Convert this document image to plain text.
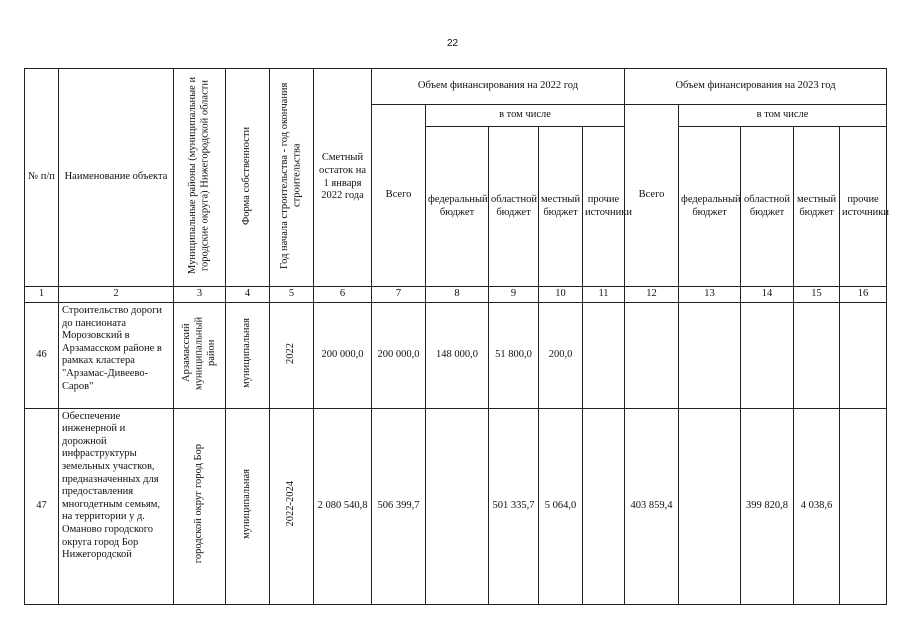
22
№ п/п	Наименование объекта	Муниципальные районы (муниципальные и городские округа) Нижегородской области	Форма собственности	Год начала строительства - год окончания строительства	Сметный остаток на 1 января 2022 года	Объем финансирования на 2022 год					Объем финансирования на 2023 год				
						Всего	в том числе				Всего	в том числе			
							федеральный бюджет	областной бюджет	местный бюджет	прочие источники		федеральный бюджет	областной бюджет	местный бюджет	прочие источники
1	2	3	4	5	6	7	8	9	10	11	12	13	14	15	16
46	Строительство дороги до пансионата Морозовский в Арзамасском районе в рамках кластера "Арзамас-Дивеево-Саров"	Арзамасский муниципальный район	муниципальная	2022	200 000,0	200 000,0	148 000,0	51 800,0	200,0						
47	Обеспечение инженерной и дорожной инфраструктуры земельных участков, предназначенных для предоставления многодетным семьям, на территории у д. Оманово городского округа город Бор Нижегородской	городской округ город Бор	муниципальная	2022-2024	2 080 540,8	506 399,7		501 335,7	5 064,0		403 859,4		399 820,8	4 038,6	
